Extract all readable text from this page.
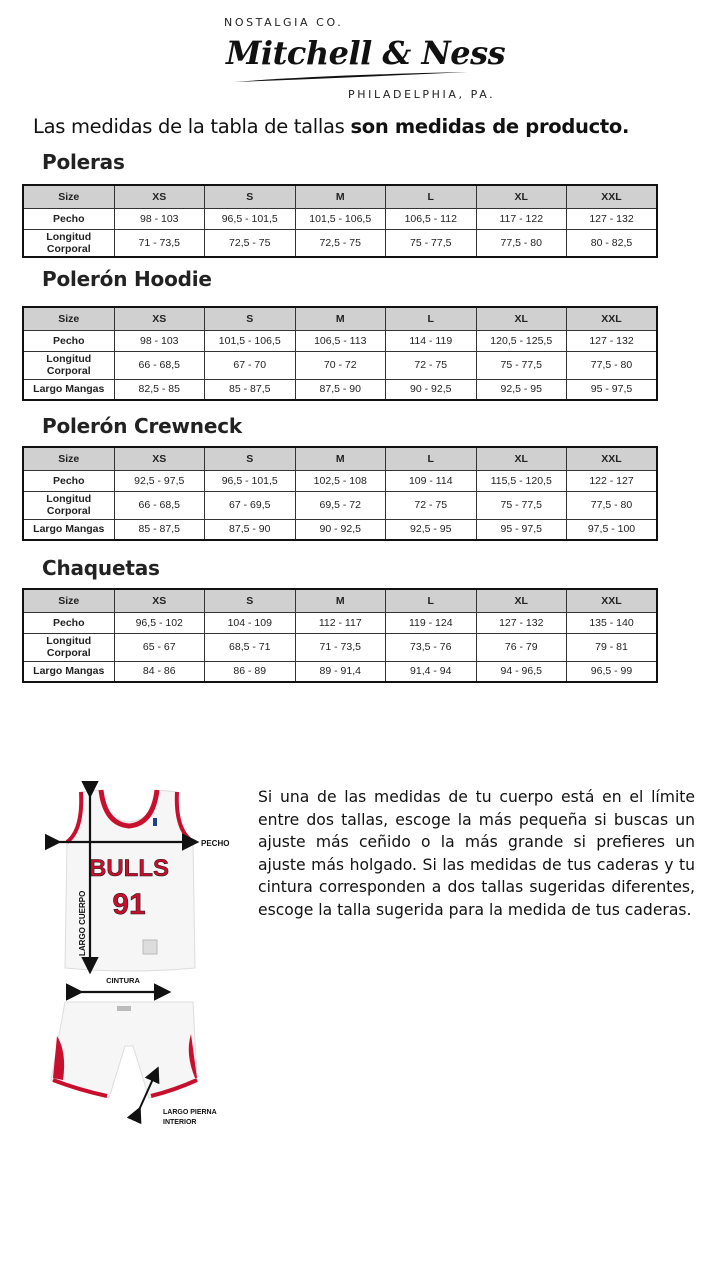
NOSTALGIA CO.
Mitchell & Ness
PHILADELPHIA, PA.
Las medidas de la tabla de tallas son medidas de producto.
Poleras
Polerón Hoodie
Polerón Crewneck
Chaquetas
Size	XS	S	M	L	XL	XXL
Pecho	98 - 103	96,5 - 101,5	101,5 - 106,5	106,5 - 112	117 - 122	127 - 132
Longitud
Corporal	71 - 73,5	72,5 - 75	72,5 - 75	75 - 77,5	77,5 - 80	80 - 82,5
Size	XS	S	M	L	XL	XXL
Pecho	98 - 103	101,5 - 106,5	106,5 - 113	114 - 119	120,5 - 125,5	127 - 132
Longitud
Corporal	66 - 68,5	67 - 70	70 - 72	72 - 75	75 - 77,5	77,5 - 80
Largo Mangas	82,5 - 85	85 - 87,5	87,5 - 90	90 - 92,5	92,5 - 95	95 - 97,5
Size	XS	S	M	L	XL	XXL
Pecho	92,5 - 97,5	96,5 - 101,5	102,5 - 108	109 - 114	115,5 - 120,5	122 - 127
Longitud
Corporal	66 - 68,5	67 - 69,5	69,5 - 72	72 - 75	75 - 77,5	77,5 - 80
Largo Mangas	85 - 87,5	87,5 - 90	90 - 92,5	92,5 - 95	95 - 97,5	97,5 - 100
Size	XS	S	M	L	XL	XXL
Pecho	96,5 - 102	104 - 109	112 - 117	119 - 124	127 - 132	135 - 140
Longitud
Corporal	65 - 67	68,5 - 71	71 - 73,5	73,5 - 76	76 - 79	79 - 81
Largo Mangas	84 - 86	86 - 89	89 - 91,4	91,4 - 94	94 - 96,5	96,5 - 99
BULLS
91
PECHO
LARGO CUERPO
CINTURA
LARGO PIERNA
INTERIOR

Si una de las medidas de tu cuerpo está en el límite entre dos tallas, escoge la más pequeña si buscas un ajuste más ceñido o la más grande si prefieres un ajuste más holgado. Si las medidas de tus caderas y tu cintura corresponden a dos tallas sugeridas diferentes, escoge la talla sugerida para la medida de tus caderas.
